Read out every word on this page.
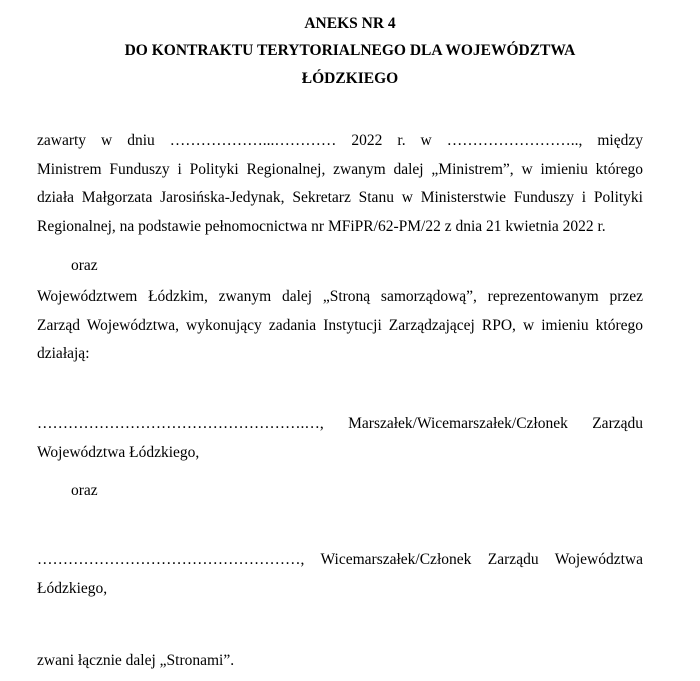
ANEKS NR 4
DO KONTRAKTU TERYTORIALNEGO DLA WOJEWÓDZTWA
ŁÓDZKIEGO
zawarty w dniu ………………...………… 2022 r. w …………………….., między
Ministrem Funduszy i Polityki Regionalnej, zwanym dalej „Ministrem”, w imieniu którego
działa Małgorzata Jarosińska-Jedynak, Sekretarz Stanu w Ministerstwie Funduszy i Polityki
Regionalnej, na podstawie pełnomocnictwa nr MFiPR/62-PM/22 z dnia 21 kwietnia 2022 r.
oraz
Województwem Łódzkim, zwanym dalej „Stroną samorządową”, reprezentowanym przez
Zarząd Województwa, wykonujący zadania Instytucji Zarządzającej RPO, w imieniu którego
działają:
…………………………………………….…, Marszałek/Wicemarszałek/Członek Zarządu
Województwa Łódzkiego,
oraz
……………………………………………, Wicemarszałek/Członek Zarządu Województwa
Łódzkiego,
zwani łącznie dalej „Stronami”.
